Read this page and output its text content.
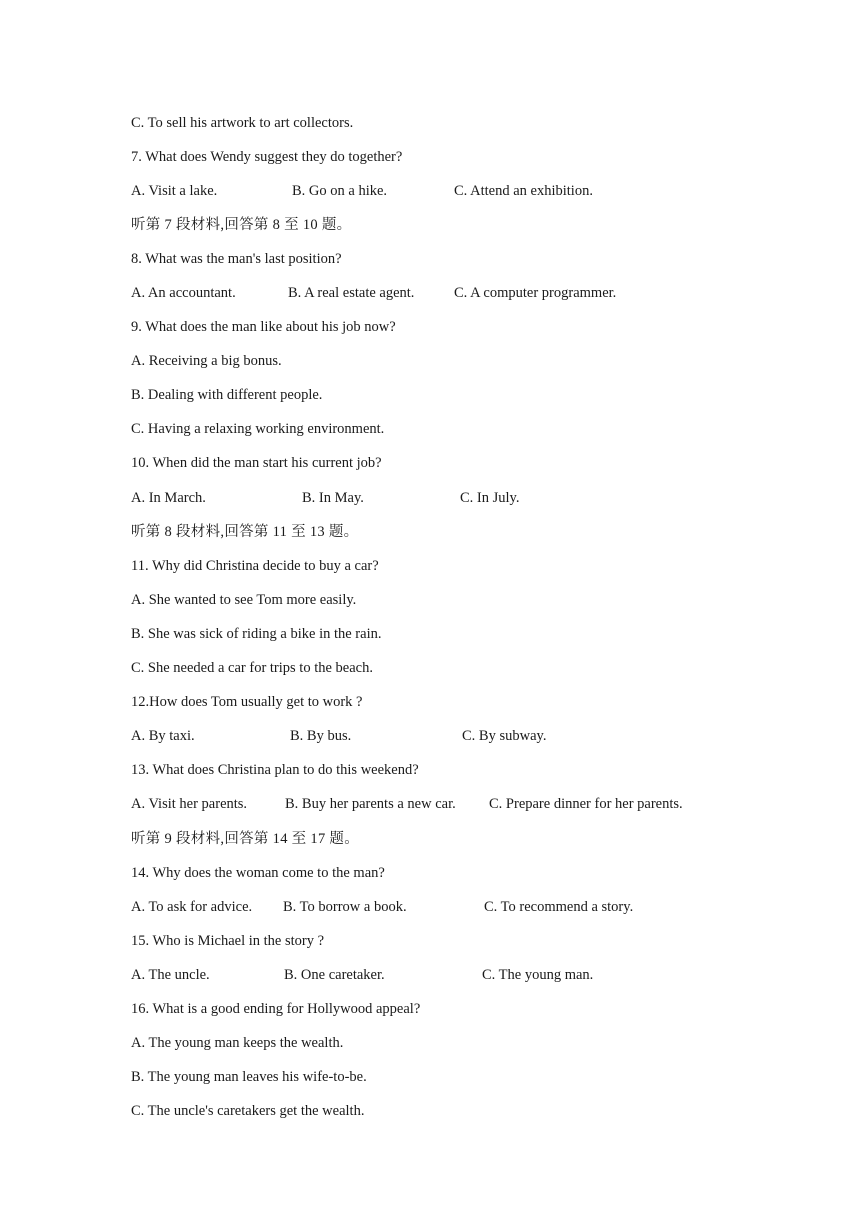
C. To sell his artwork to art collectors.
7. What does Wendy suggest they do together?
A. Visit a lake.	B. Go on a hike.	C. Attend an exhibition.
听第 7 段材料,回答第 8 至 10 题。
8. What was the man's last position?
A. An accountant.	B. A real estate agent.	C. A computer programmer.
9. What does the man like about his job now?
A. Receiving a big bonus.
B. Dealing with different people.
C. Having a relaxing working environment.
10. When did the man start his current job?
A. In March.	B. In May.	C. In July.
听第 8 段材料,回答第 11 至 13 题。
11. Why did Christina decide to buy a car?
A. She wanted to see Tom more easily.
B. She was sick of riding a bike in the rain.
C. She needed a car for trips to the beach.
12.How does Tom usually get to work ?
A. By taxi.	B. By bus.	C. By subway.
13. What does Christina plan to do this weekend?
A. Visit her parents.	B. Buy her parents a new car. C. Prepare dinner for her parents.
听第 9 段材料,回答第 14 至 17 题。
14. Why does the woman come to the man?
A. To ask for advice. B. To borrow a book.	C. To recommend a story.
15. Who is Michael in the story ?
A. The uncle.	B. One caretaker.	C. The young man.
16. What is a good ending for Hollywood appeal?
A. The young man keeps the wealth.
B. The young man leaves his wife-to-be.
C. The uncle's caretakers get the wealth.
